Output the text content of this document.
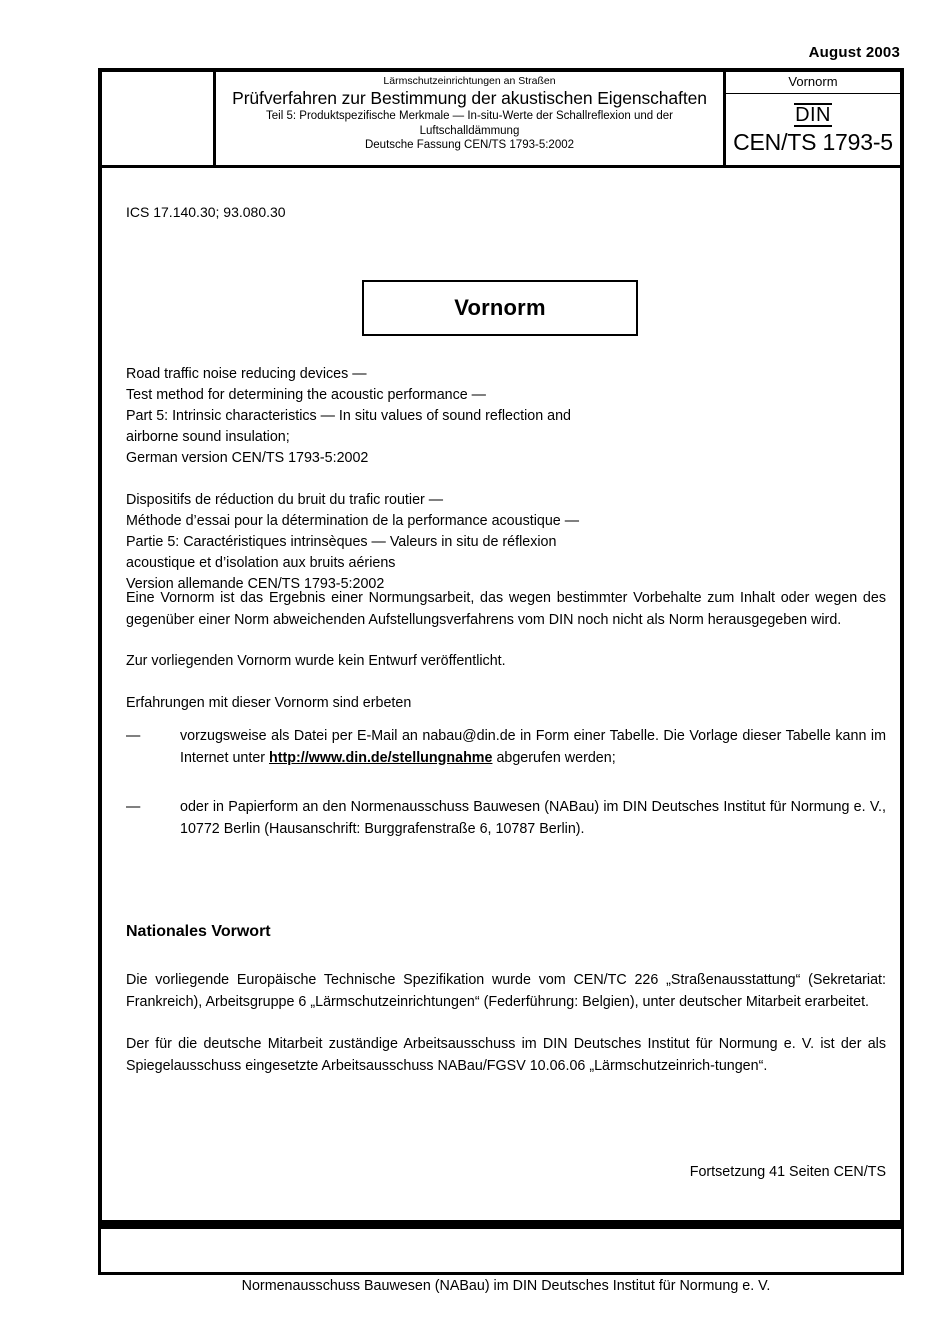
August 2003
Lärmschutzeinrichtungen an Straßen
Prüfverfahren zur Bestimmung der akustischen Eigenschaften
Teil 5: Produktspezifische Merkmale — In-situ-Werte der Schallreflexion und der
Luftschalldämmung
Deutsche Fassung CEN/TS 1793-5:2002
Vornorm
DIN
CEN/TS 1793-5
ICS 17.140.30; 93.080.30
Vornorm
Road traffic noise reducing devices —
Test method for determining the acoustic performance —
Part 5: Intrinsic characteristics — In situ values of sound reflection and
airborne sound insulation;
German version CEN/TS 1793-5:2002
Dispositifs de réduction du bruit du trafic routier —
Méthode d’essai pour la détermination de la performance acoustique —
Partie 5: Caractéristiques intrinsèques — Valeurs in situ de réflexion
acoustique et d’isolation aux bruits aériens
Version allemande CEN/TS 1793-5:2002

Eine Vornorm ist das Ergebnis einer Normungsarbeit, das wegen bestimmter Vorbehalte zum Inhalt oder wegen des gegenüber einer Norm abweichenden Aufstellungsverfahrens vom DIN noch nicht als Norm herausgegeben wird.

Zur vorliegenden Vornorm wurde kein Entwurf veröffentlicht.

Erfahrungen mit dieser Vornorm sind erbeten

—	vorzugsweise als Datei per E-Mail an nabau@din.de in Form einer Tabelle. Die Vorlage dieser Tabelle kann im Internet unter http://www.din.de/stellungnahme abgerufen werden;
—	oder in Papierform an den Normenausschuss Bauwesen (NABau) im DIN Deutsches Institut für Normung e. V., 10772 Berlin (Hausanschrift: Burggrafenstraße 6, 10787 Berlin).
Nationales Vorwort

Die vorliegende Europäische Technische Spezifikation wurde vom CEN/TC 226 „Straßenausstattung“ (Sekretariat: Frankreich), Arbeitsgruppe 6 „Lärmschutzeinrichtungen“ (Federführung: Belgien), unter deutscher Mitarbeit erarbeitet.

Der für die deutsche Mitarbeit zuständige Arbeitsausschuss im DIN Deutsches Institut für Normung e. V. ist der als Spiegelausschuss eingesetzte Arbeitsausschuss NABau/FGSV 10.06.06 „Lärmschutzeinrich-tungen“.

Fortsetzung 41 Seiten CEN/TS
Normenausschuss Bauwesen (NABau) im DIN Deutsches Institut für Normung e. V.
